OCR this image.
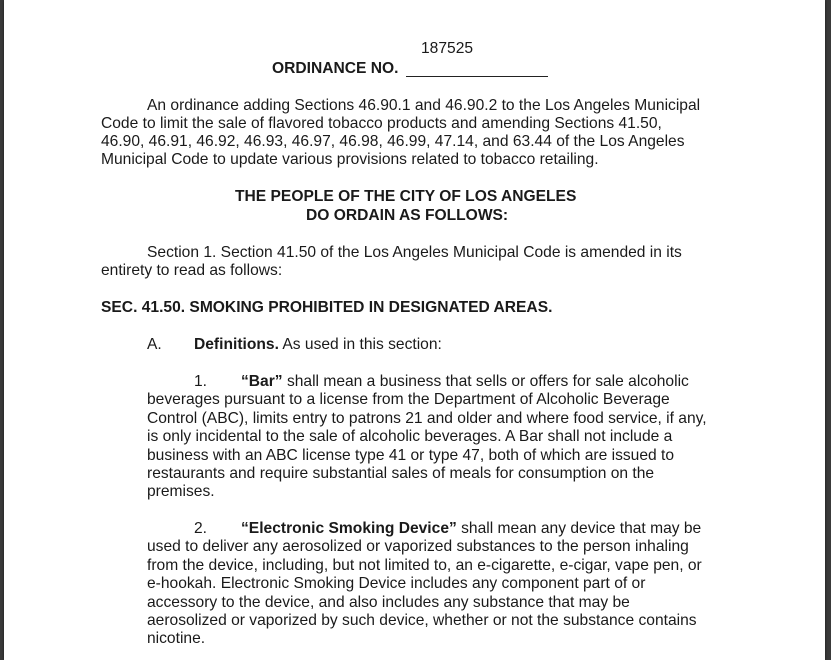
187525
ORDINANCE NO.
An ordinance adding Sections 46.90.1 and 46.90.2 to the Los Angeles Municipal
Code to limit the sale of flavored tobacco products and amending Sections 41.50,
46.90, 46.91, 46.92, 46.93, 46.97, 46.98, 46.99, 47.14, and 63.44 of the Los Angeles
Municipal Code to update various provisions related to tobacco retailing.
THE PEOPLE OF THE CITY OF LOS ANGELES
DO ORDAIN AS FOLLOWS:
Section 1. Section 41.50 of the Los Angeles Municipal Code is amended in its
entirety to read as follows:
SEC. 41.50. SMOKING PROHIBITED IN DESIGNATED AREAS.
A. Definitions. As used in this section:
1. “Bar” shall mean a business that sells or offers for sale alcoholic
beverages pursuant to a license from the Department of Alcoholic Beverage
Control (ABC), limits entry to patrons 21 and older and where food service, if any,
is only incidental to the sale of alcoholic beverages. A Bar shall not include a
business with an ABC license type 41 or type 47, both of which are issued to
restaurants and require substantial sales of meals for consumption on the
premises.
2. “Electronic Smoking Device” shall mean any device that may be
used to deliver any aerosolized or vaporized substances to the person inhaling
from the device, including, but not limited to, an e-cigarette, e-cigar, vape pen, or
e-hookah. Electronic Smoking Device includes any component part of or
accessory to the device, and also includes any substance that may be
aerosolized or vaporized by such device, whether or not the substance contains
nicotine.
